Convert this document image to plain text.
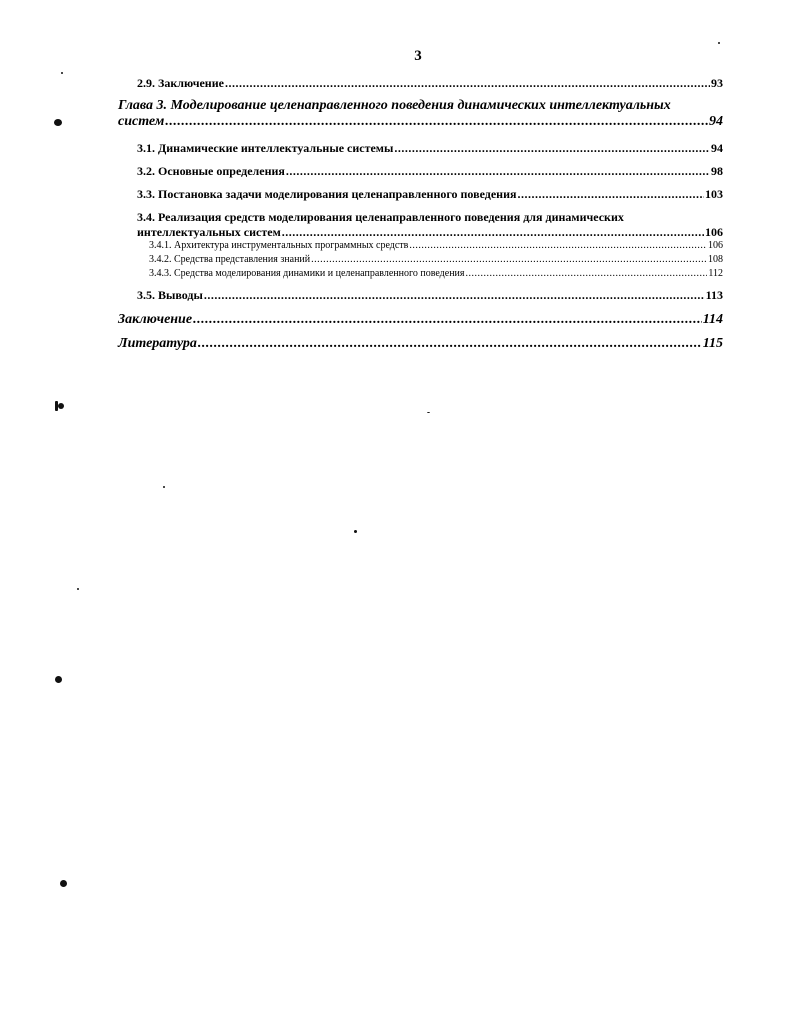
3
2.9. Заключение .....	93
Глава 3. Моделирование целенаправленного поведения динамических интеллектуальных
систем .....	94
3.1. Динамические интеллектуальные системы .....	94
3.2. Основные определения .....	98
3.3. Постановка задачи моделирования целенаправленного поведения .....	103
3.4. Реализация средств моделирования целенаправленного поведения для динамических
интеллектуальных систем .....	106
3.4.1. Архитектура инструментальных программных средств .....	106
3.4.2. Средства представления знаний .....	108
3.4.3. Средства моделирования динамики и целенаправленного поведения .....	112
3.5. Выводы .....	113
Заключение .....	114
Литература .....	115
